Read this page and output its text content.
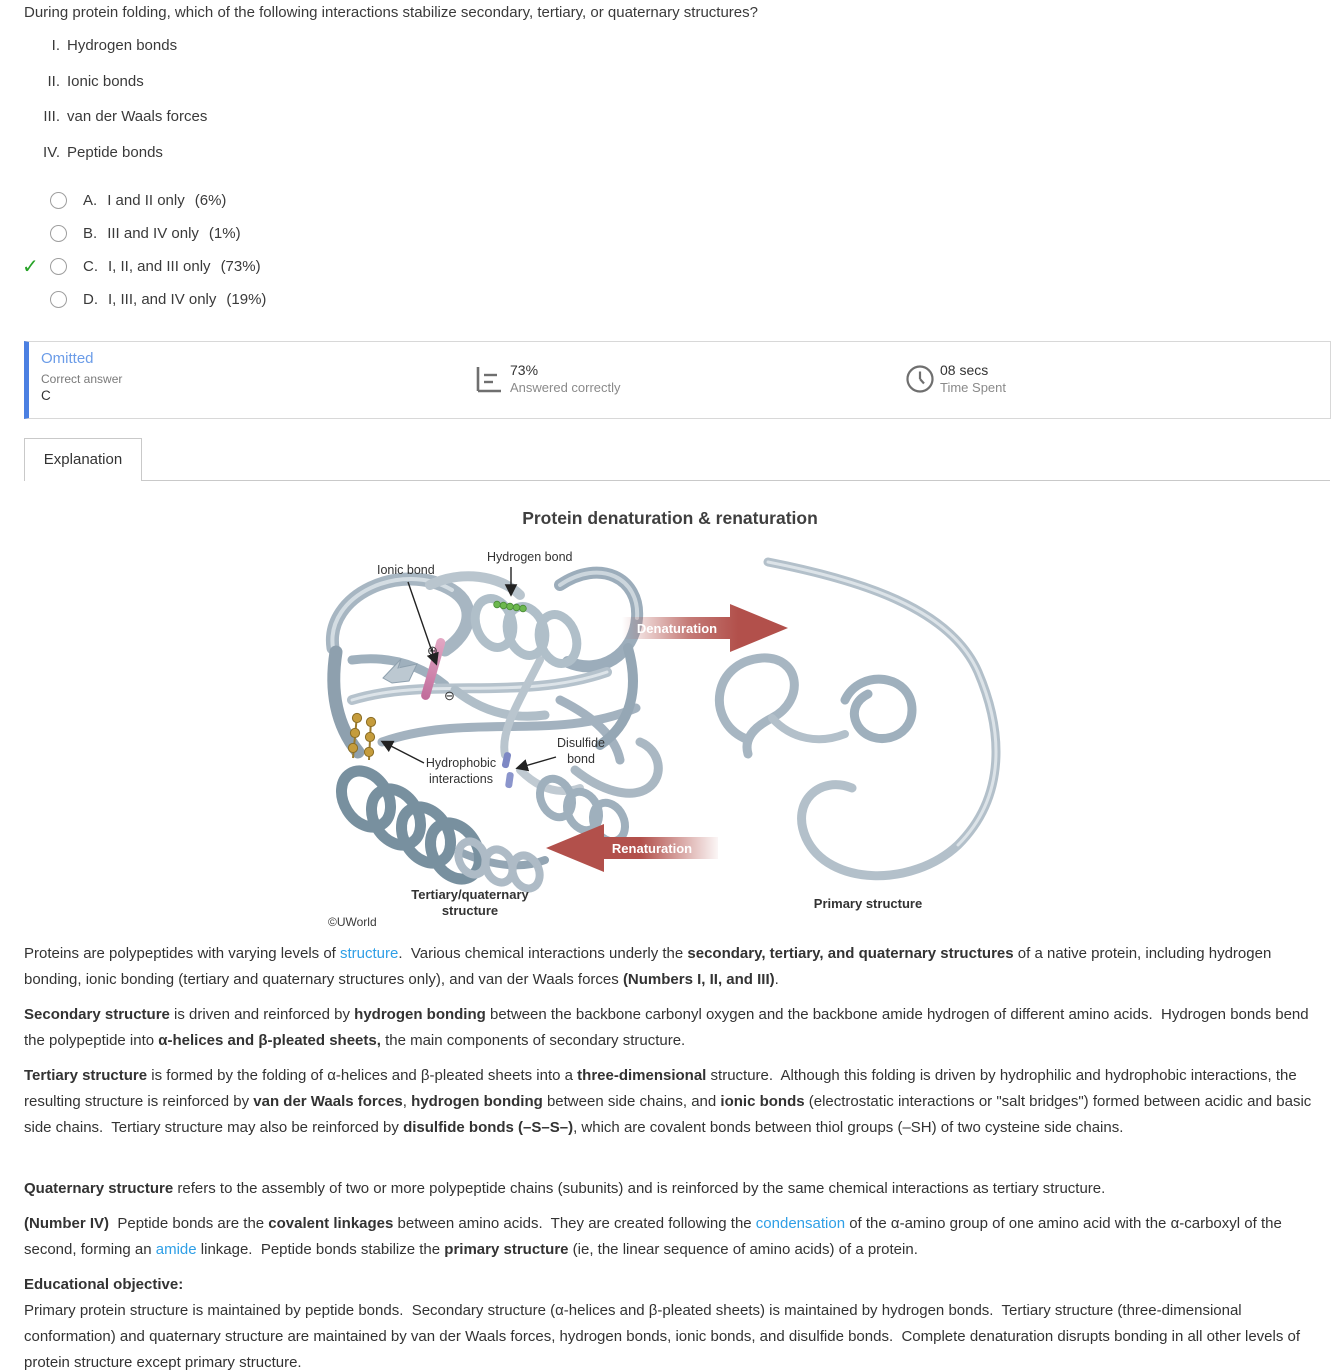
During protein folding, which of the following interactions stabilize secondary, tertiary, or quaternary structures?
I. Hydrogen bonds
II. Ionic bonds
III. van der Waals forces
IV. Peptide bonds
A. I and II only (6%)
B. III and IV only (1%)
✓	C. I, II, and III only (73%)
D. I, III, and IV only (19%)
Omitted
Correct answer
C
73%
Answered correctly
08 secs
Time Spent
Explanation
Protein denaturation & renaturation
⊕
⊖
Ionic bond
Hydrogen bond
Hydrophobic
interactions
Disulfide
bond
Denaturation
Renaturation
Tertiary/quaternary
structure	Primary structure
©UWorld
Proteins are polypeptides with varying levels of structure.  Various chemical interactions underly the secondary, tertiary, and quaternary structures of a native protein, including hydrogen bonding, ionic bonding (tertiary and quaternary structures only), and van der Waals forces (Numbers I, II, and III).
Secondary structure is driven and reinforced by hydrogen bonding between the backbone carbonyl oxygen and the backbone amide hydrogen of different amino acids.  Hydrogen bonds bend the polypeptide into α-helices and β-pleated sheets, the main components of secondary structure.
Tertiary structure is formed by the folding of α-helices and β-pleated sheets into a three-dimensional structure.  Although this folding is driven by hydrophilic and hydrophobic interactions, the resulting structure is reinforced by van der Waals forces, hydrogen bonding between side chains, and ionic bonds (electrostatic interactions or "salt bridges") formed between acidic and basic side chains.  Tertiary structure may also be reinforced by disulfide bonds (–S–S–), which are covalent bonds between thiol groups (–SH) of two cysteine side chains.
Quaternary structure refers to the assembly of two or more polypeptide chains (subunits) and is reinforced by the same chemical interactions as tertiary structure.
(Number IV)  Peptide bonds are the covalent linkages between amino acids.  They are created following the condensation of the α-amino group of one amino acid with the α-carboxyl of the second, forming an amide linkage.  Peptide bonds stabilize the primary structure (ie, the linear sequence of amino acids) of a protein.
Educational objective:
Primary protein structure is maintained by peptide bonds.  Secondary structure (α-helices and β-pleated sheets) is maintained by hydrogen bonds.  Tertiary structure (three-dimensional conformation) and quaternary structure are maintained by van der Waals forces, hydrogen bonds, ionic bonds, and disulfide bonds.  Complete denaturation disrupts bonding in all other levels of protein structure except primary structure.
